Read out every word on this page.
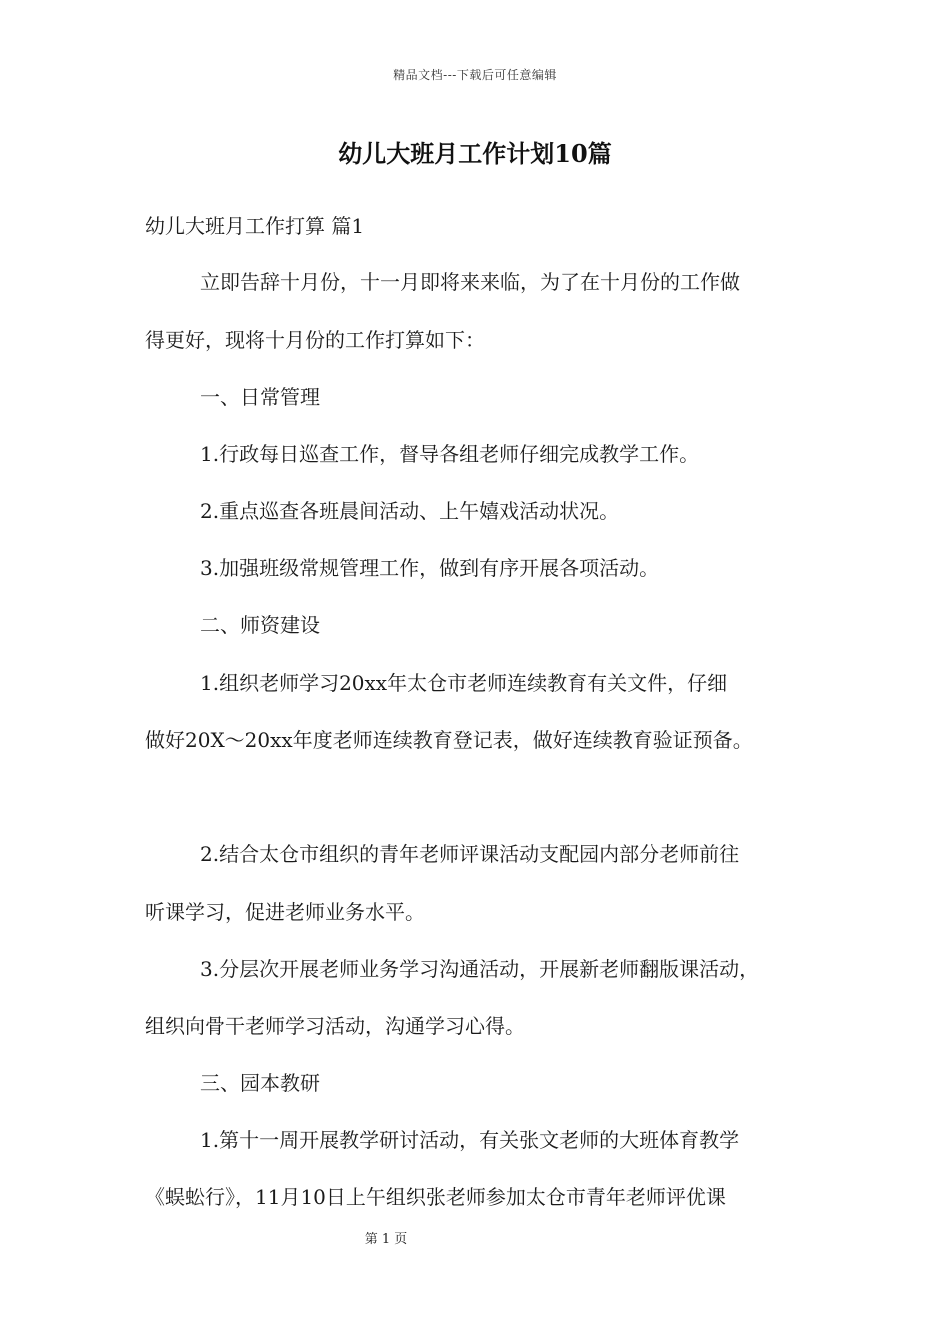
精品文档---下载后可任意编辑
幼儿大班月工作计划10篇
幼儿大班月工作打算 篇1
立即告辞十月份，十一月即将来来临，为了在十月份的工作做
得更好，现将十月份的工作打算如下：
一、日常管理
1.行政每日巡查工作，督导各组老师仔细完成教学工作。
2.重点巡查各班晨间活动、上午嬉戏活动状况。
3.加强班级常规管理工作，做到有序开展各项活动。
二、师资建设
1.组织老师学习20xx年太仓市老师连续教育有关文件，仔细
做好20X～20xx年度老师连续教育登记表，做好连续教育验证预备。
2.结合太仓市组织的青年老师评课活动支配园内部分老师前往
听课学习，促进老师业务水平。
3.分层次开展老师业务学习沟通活动，开展新老师翻版课活动，
组织向骨干老师学习活动，沟通学习心得。
三、园本教研
1.第十一周开展教学研讨活动，有关张文老师的大班体育教学
《蜈蚣行》，11月10日上午组织张老师参加太仓市青年老师评优课
第 1 页
